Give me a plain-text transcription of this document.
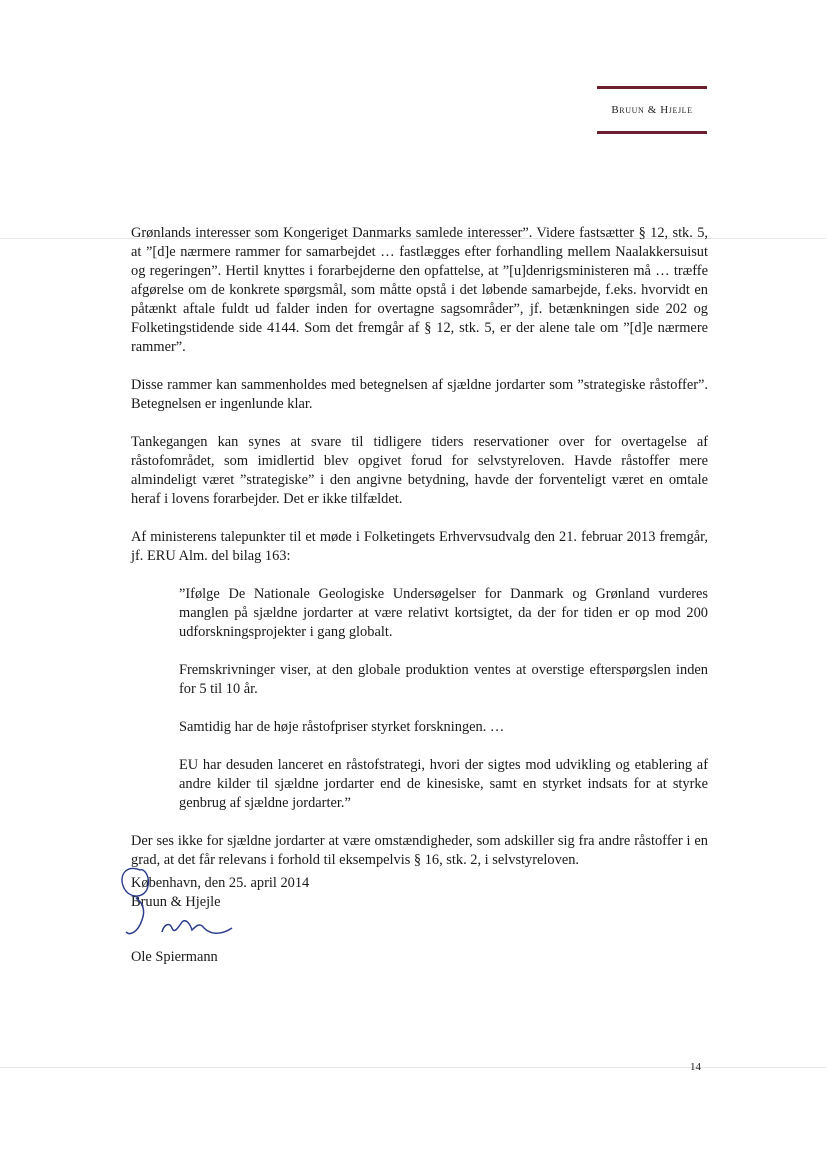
Bruun & Hjejle

Grønlands interesser som Kongeriget Danmarks samlede interesser”. Videre fastsætter § 12, stk. 5, at ”[d]e nærmere rammer for samarbejdet … fastlægges efter forhandling mellem Naalakkersuisut og regeringen”. Hertil knyttes i forarbejderne den opfattelse, at ”[u]denrigsministeren må … træffe afgørelse om de konkrete spørgsmål, som måtte opstå i det løbende samarbejde, f.eks. hvorvidt en påtænkt aftale fuldt ud falder inden for overtagne sagsområder”, jf. betænkningen side 202 og Folketingstidende side 4144. Som det fremgår af § 12, stk. 5, er der alene tale om ”[d]e nærmere rammer”.

Disse rammer kan sammenholdes med betegnelsen af sjældne jordarter som ”strategiske råstoffer”. Betegnelsen er ingenlunde klar.

Tankegangen kan synes at svare til tidligere tiders reservationer over for overtagelse af råstofområdet, som imidlertid blev opgivet forud for selvstyreloven. Havde råstoffer mere almindeligt været ”strategiske” i den angivne betydning, havde der forventeligt været en omtale heraf i lovens forarbejder. Det er ikke tilfældet.

Af ministerens talepunkter til et møde i Folketingets Erhvervsudvalg den 21. februar 2013 fremgår, jf. ERU Alm. del bilag 163:

”Ifølge De Nationale Geologiske Undersøgelser for Danmark og Grønland vurderes manglen på sjældne jordarter at være relativt kortsigtet, da der for tiden er op mod 200 udforskningsprojekter i gang globalt.

Fremskrivninger viser, at den globale produktion ventes at overstige efterspørgslen inden for 5 til 10 år.

Samtidig har de høje råstofpriser styrket forskningen. …

EU har desuden lanceret en råstofstrategi, hvori der sigtes mod udvikling og etablering af andre kilder til sjældne jordarter end de kinesiske, samt en styrket indsats for at styrke genbrug af sjældne jordarter.”

Der ses ikke for sjældne jordarter at være omstændigheder, som adskiller sig fra andre råstoffer i en grad, at det får relevans i forhold til eksempelvis § 16, stk. 2, i selvstyreloven.

København, den 25. april 2014
Bruun & Hjejle
Ole Spiermann
14
